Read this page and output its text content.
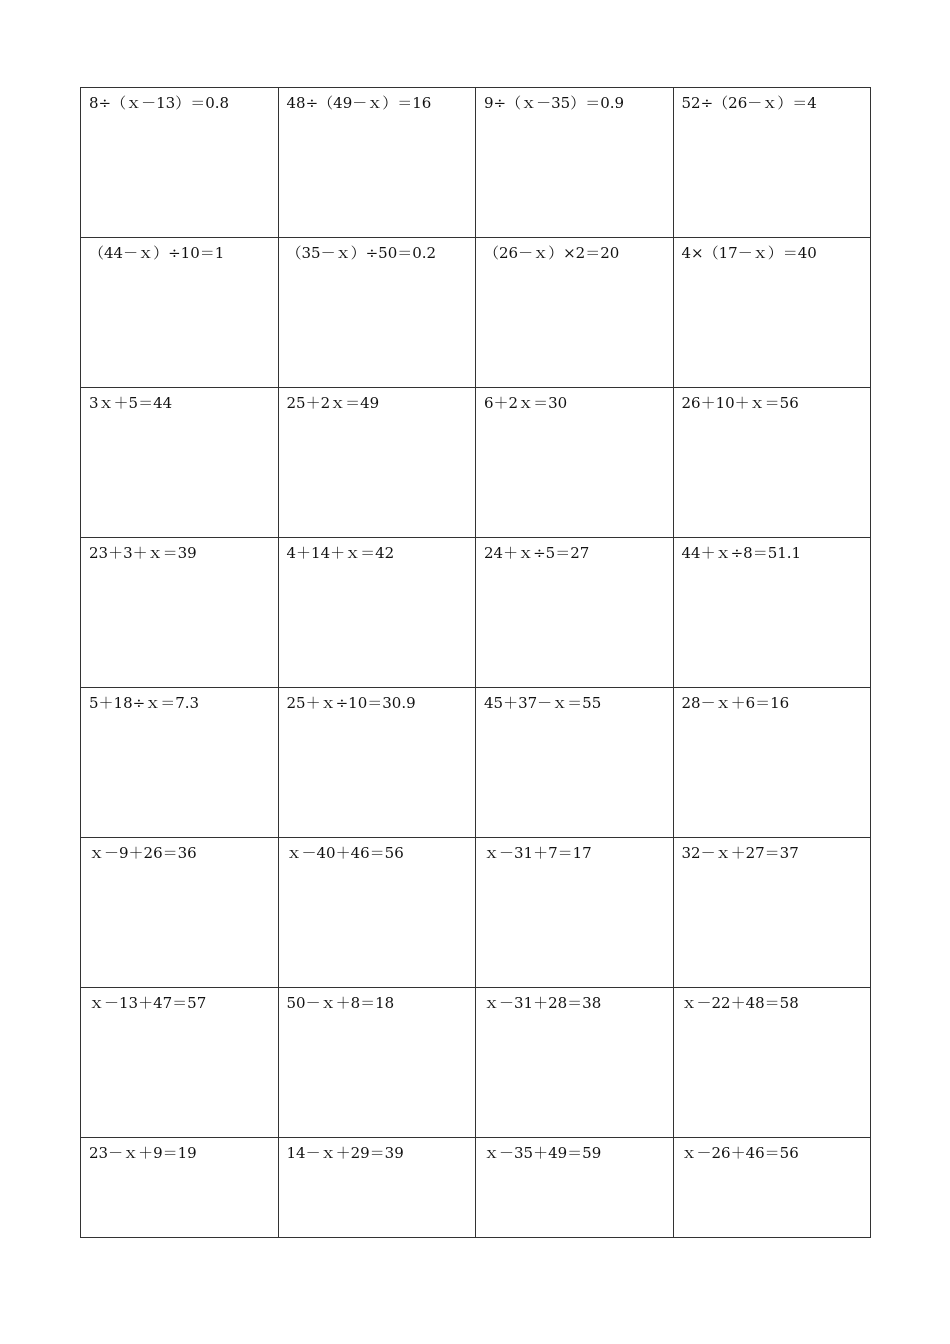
8÷（ｘ－13）＝0.8	48÷（49－ｘ）＝16	9÷（ｘ－35）＝0.9	52÷（26－ｘ）＝4
（44－ｘ）÷10＝1	（35－ｘ）÷50＝0.2	（26－ｘ）×2＝20	4×（17－ｘ）＝40
3ｘ＋5＝44	25＋2ｘ＝49	6＋2ｘ＝30	26＋10＋ｘ＝56
23＋3＋ｘ＝39	4＋14＋ｘ＝42	24＋ｘ÷5＝27	44＋ｘ÷8＝51.1
5＋18÷ｘ＝7.3	25＋ｘ÷10＝30.9	45＋37－ｘ＝55	28－ｘ＋6＝16
ｘ－9＋26＝36	ｘ－40＋46＝56	ｘ－31＋7＝17	32－ｘ＋27＝37
ｘ－13＋47＝57	50－ｘ＋8＝18	ｘ－31＋28＝38	ｘ－22＋48＝58
23－ｘ＋9＝19	14－ｘ＋29＝39	ｘ－35＋49＝59	ｘ－26＋46＝56
